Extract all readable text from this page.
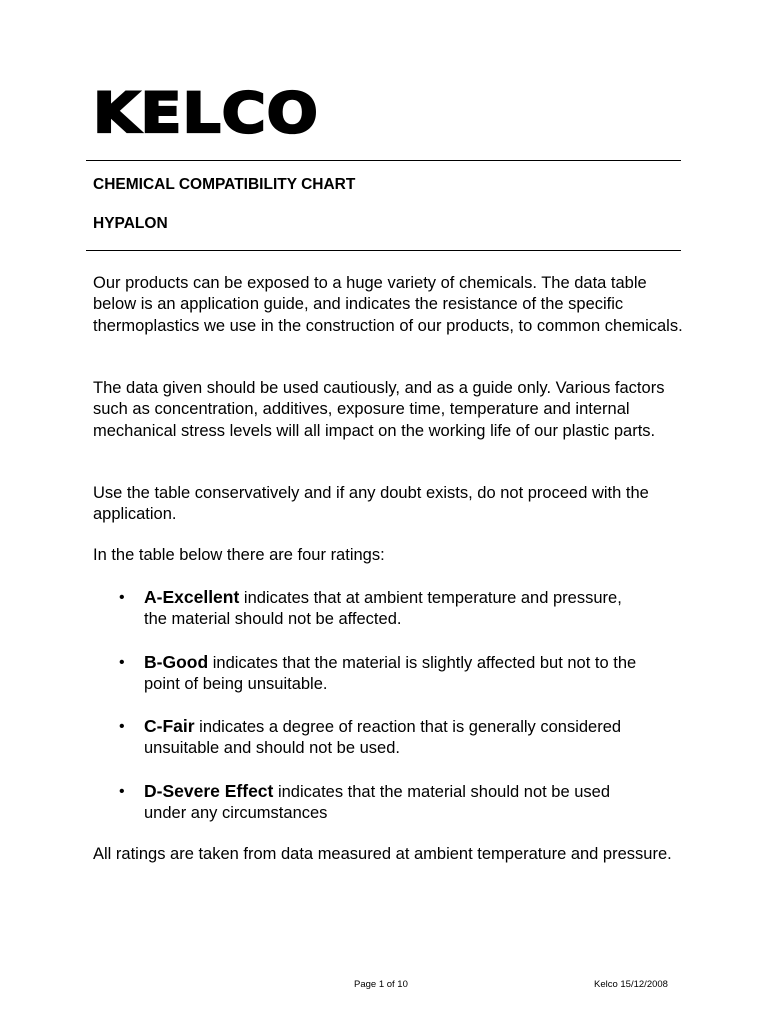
KELCO
CHEMICAL COMPATIBILITY CHART
HYPALON

Our products can be exposed to a huge variety of chemicals. The data table below is an application guide, and indicates the resistance of the specific thermoplastics we use in the construction of our products, to common chemicals.

The data given should be used cautiously, and as a guide only. Various factors such as concentration, additives, exposure time, temperature and internal mechanical stress levels will all impact on the working life of our plastic parts.

Use the table conservatively and if any doubt exists, do not proceed with the application.

In the table below there are four ratings:

• A-Excellent indicates that at ambient temperature and pressure, the material should not be affected.
• B-Good indicates that the material is slightly affected but not to the point of being unsuitable.
• C-Fair indicates a degree of reaction that is generally considered unsuitable and should not be used.
• D-Severe Effect indicates that the material should not be used under any circumstances

All ratings are taken from data measured at ambient temperature and pressure.

Page 1 of 10	Kelco 15/12/2008
